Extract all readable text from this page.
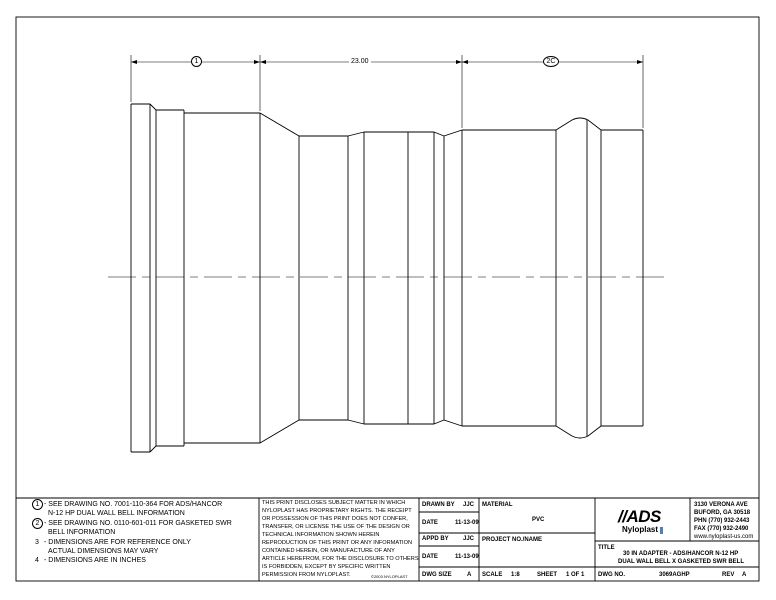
1	23.00	2C
1 - SEE DRAWING NO. 7001-110-364 FOR ADS/HANCOR
N-12 HP DUAL WALL BELL INFORMATION
2 - SEE DRAWING NO. 0110-601-011 FOR GASKETED SWR
BELL INFORMATION
3 - DIMENSIONS ARE FOR REFERENCE ONLY
ACTUAL DIMENSIONS MAY VARY
4 - DIMENSIONS ARE IN INCHES
THIS PRINT DISCLOSES SUBJECT MATTER IN WHICH
NYLOPLAST HAS PROPRIETARY RIGHTS. THE RECEIPT
OR POSSESSION OF THIS PRINT DOES NOT CONFER,
TRANSFER, OR LICENSE THE USE OF THE DESIGN OR
TECHNICAL INFORMATION SHOWN HEREIN
REPRODUCTION OF THIS PRINT OR ANY INFORMATION
CONTAINED HEREIN, OR MANUFACTURE OF ANY
ARTICLE HEREFROM, FOR THE DISCLOSURE TO OTHERS
IS FORBIDDEN, EXCEPT BY SPECIFIC WRITTEN
PERMISSION FROM NYLOPLAST.	©2003 NYLOPLAST
DRAWN BY JJC
DATE	11-13-09
APPD BY JJC
DATE	11-13-09
DWG SIZE	A
MATERIAL
PVC
PROJECT NO./NAME
SCALE 1:8	SHEET 1 OF 1
//ADS
Nyloplast
3130 VERONA AVE
BUFORD, GA 30518
PHN (770) 932-2443
FAX (770) 932-2490
www.nyloplast-us.com
TITLE
30 IN ADAPTER - ADS/HANCOR N-12 HP
DUAL WALL BELL X GASKETED SWR BELL
DWG NO.	3069AGHP	REV A
